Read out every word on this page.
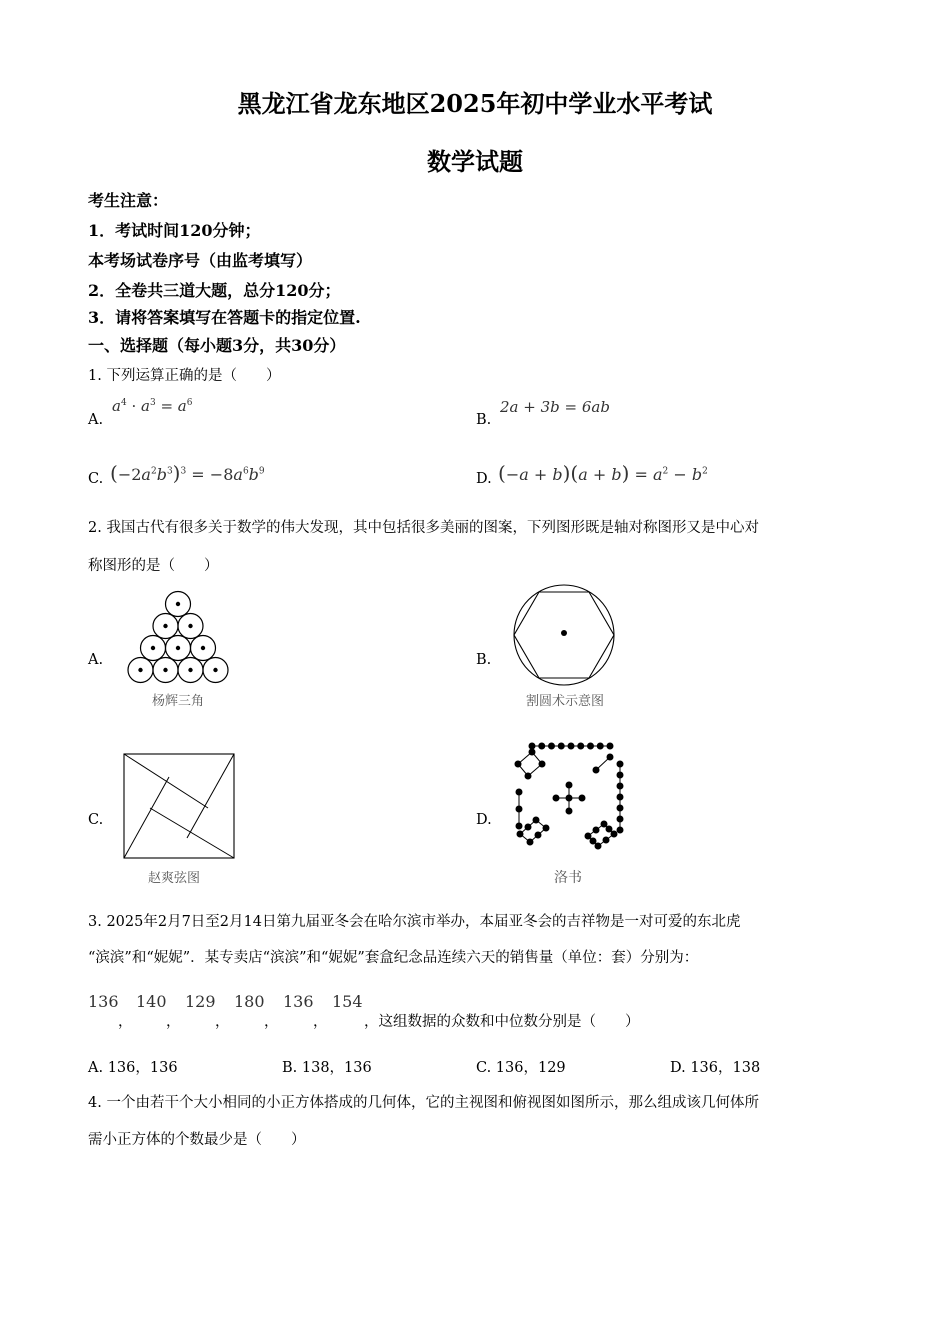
黑龙江省龙东地区2025年初中学业水平考试
数学试题
考生注意：
1．考试时间120分钟；
本考场试卷序号（由监考填写）
2．全卷共三道大题，总分120分；
3．请将答案填写在答题卡的指定位置.
一、选择题（每小题3分，共30分）
1. 下列运算正确的是（　　）
A.
$a^4 \cdot a^3 = a^6$
B.
2a + 3b = 6ab
C. $(-2a^2b^3)^3 = -8a^6b^9$	D. $(-a + b)(a + b) = a^2 - b^2$
2. 我国古代有很多关于数学的伟大发现，其中包括很多美丽的图案，下列图形既是轴对称图形又是中心对
称图形的是（　　）
A.
杨辉三角
B.
割圆术示意图
C.
赵爽弦图
D.
洛书
3. 2025年2月7日至2月14日第九届亚冬会在哈尔滨市举办，本届亚冬会的吉祥物是一对可爱的东北虎
“滨滨”和“妮妮”．某专卖店“滨滨”和“妮妮”套盒纪念品连续六天的销售量（单位：套）分别为：
136
，
140
，
129
，
180
，
136
，
154
，这组数据的众数和中位数分别是（　　）
A. 136，136	B. 138，136	C. 136，129	D. 136，138
4. 一个由若干个大小相同的小正方体搭成的几何体，它的主视图和俯视图如图所示，那么组成该几何体所
需小正方体的个数最少是（　　）
